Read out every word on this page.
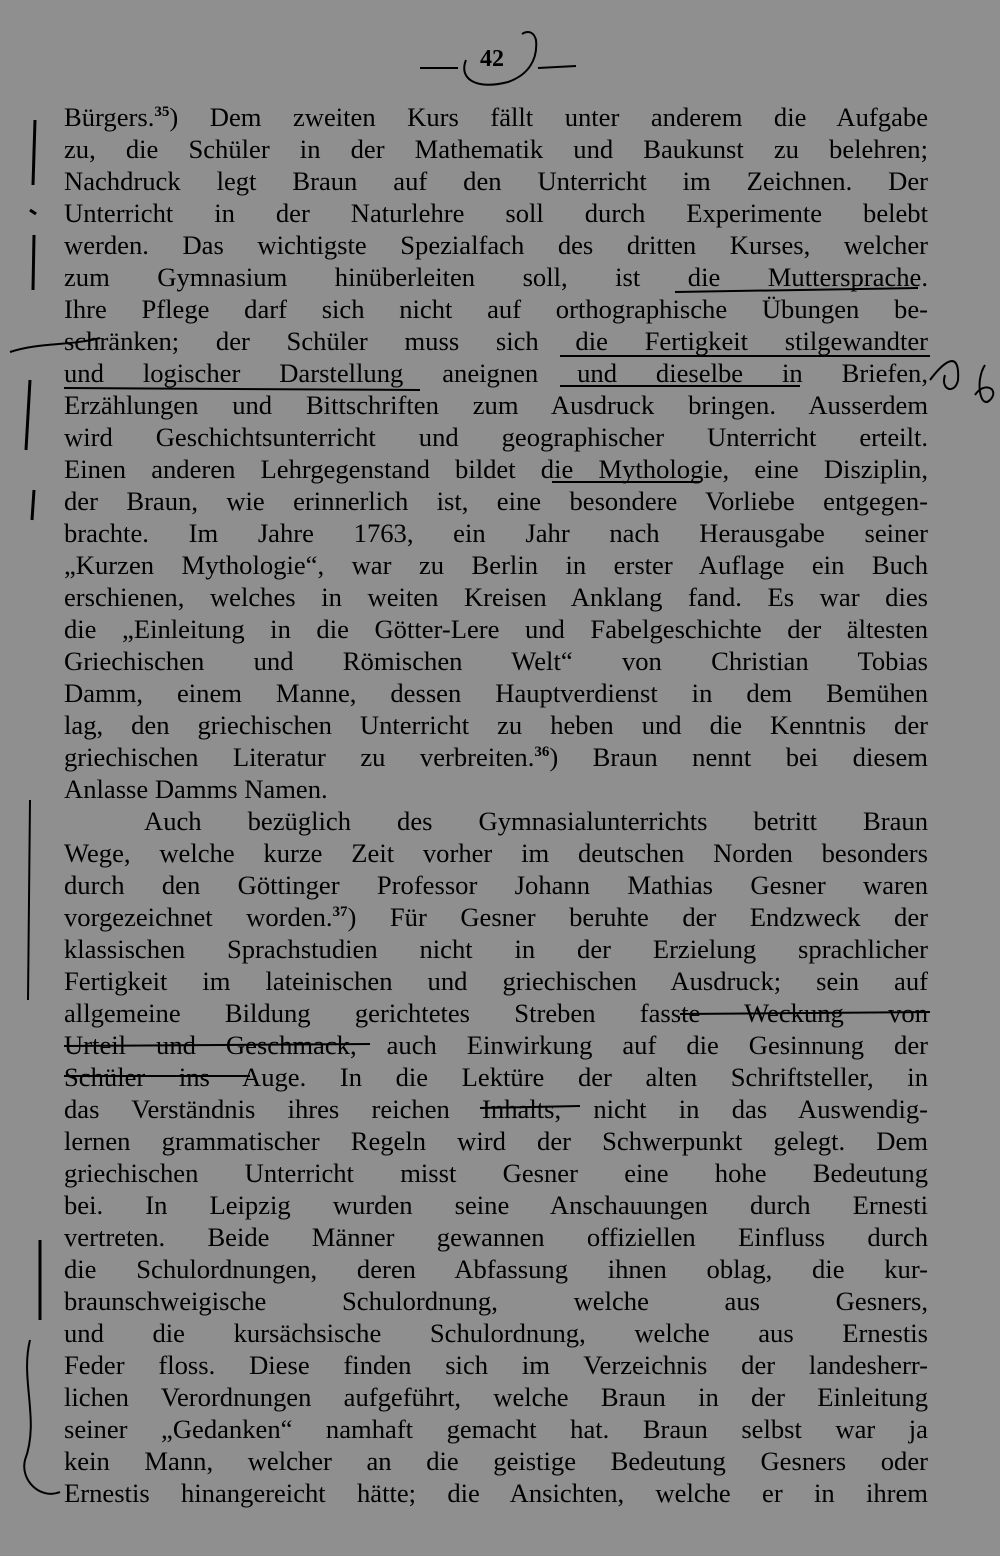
42
Bürgers.$^{35}$) Dem zweiten Kurs fällt unter anderem die Aufgabe
zu, die Schüler in der Mathematik und Baukunst zu belehren;
Nachdruck legt Braun auf den Unterricht im Zeichnen. Der
Unterricht in der Naturlehre soll durch Experimente belebt
werden. Das wichtigste Spezialfach des dritten Kurses, welcher
zum Gymnasium hinüberleiten soll, ist die Muttersprache.
Ihre Pflege darf sich nicht auf orthographische Übungen be-
schränken; der Schüler muss sich die Fertigkeit stilgewandter
und logischer Darstellung aneignen und dieselbe in Briefen,
Erzählungen und Bittschriften zum Ausdruck bringen. Ausserdem
wird Geschichtsunterricht und geographischer Unterricht erteilt.
Einen anderen Lehrgegenstand bildet die Mythologie, eine Disziplin,
der Braun, wie erinnerlich ist, eine besondere Vorliebe entgegen-
brachte. Im Jahre 1763, ein Jahr nach Herausgabe seiner
„Kurzen Mythologie“, war zu Berlin in erster Auflage ein Buch
erschienen, welches in weiten Kreisen Anklang fand. Es war dies
die „Einleitung in die Götter-Lere und Fabelgeschichte der ältesten
Griechischen und Römischen Welt“ von Christian Tobias
Damm, einem Manne, dessen Hauptverdienst in dem Bemühen
lag, den griechischen Unterricht zu heben und die Kenntnis der
griechischen Literatur zu verbreiten.$^{36}$) Braun nennt bei diesem
Anlasse Damms Namen.
Auch bezüglich des Gymnasialunterrichts betritt Braun
Wege, welche kurze Zeit vorher im deutschen Norden besonders
durch den Göttinger Professor Johann Mathias Gesner waren
vorgezeichnet worden.$^{37}$) Für Gesner beruhte der Endzweck der
klassischen Sprachstudien nicht in der Erzielung sprachlicher
Fertigkeit im lateinischen und griechischen Ausdruck; sein auf
allgemeine Bildung gerichtetes Streben fasste Weckung von
Urteil und Geschmack, auch Einwirkung auf die Gesinnung der
Schüler ins Auge. In die Lektüre der alten Schriftsteller, in
das Verständnis ihres reichen Inhalts, nicht in das Auswendig-
lernen grammatischer Regeln wird der Schwerpunkt gelegt. Dem
griechischen Unterricht misst Gesner eine hohe Bedeutung
bei. In Leipzig wurden seine Anschauungen durch Ernesti
vertreten. Beide Männer gewannen offiziellen Einfluss durch
die Schulordnungen, deren Abfassung ihnen oblag, die kur-
braunschweigische Schulordnung, welche aus Gesners,
und die kursächsische Schulordnung, welche aus Ernestis
Feder floss. Diese finden sich im Verzeichnis der landesherr-
lichen Verordnungen aufgeführt, welche Braun in der Einleitung
seiner „Gedanken“ namhaft gemacht hat. Braun selbst war ja
kein Mann, welcher an die geistige Bedeutung Gesners oder
Ernestis hinangereicht hätte; die Ansichten, welche er in ihrem
